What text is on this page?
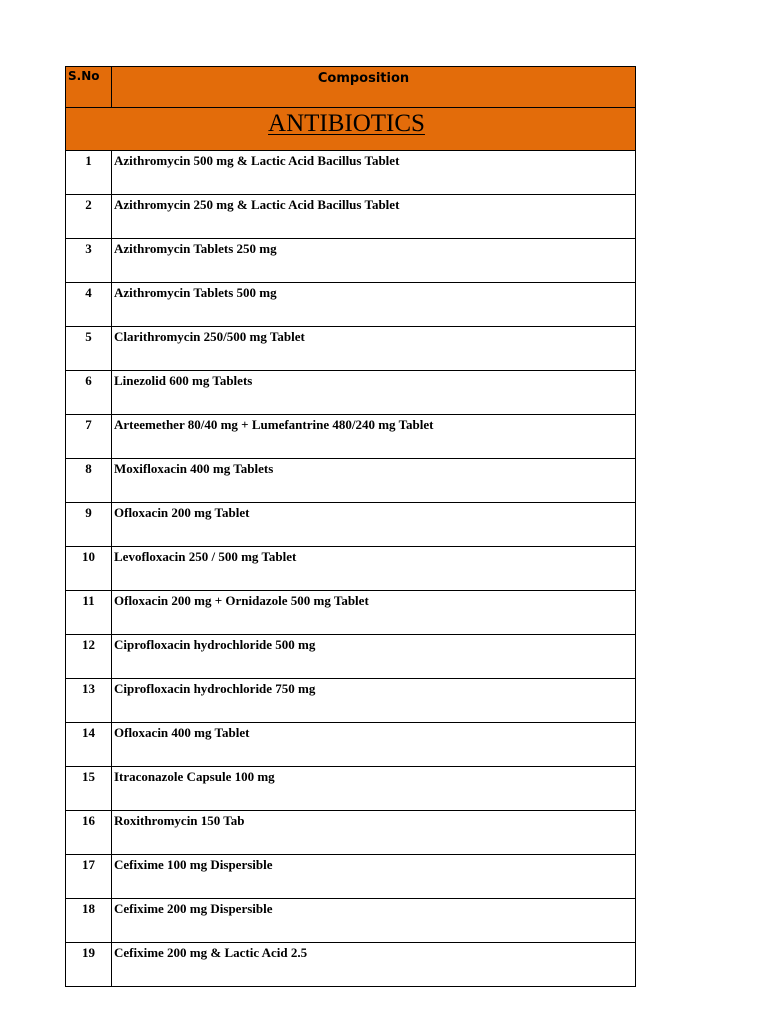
S.No	Composition
ANTIBIOTICS
1	Azithromycin 500 mg & Lactic Acid Bacillus Tablet
2	Azithromycin 250 mg & Lactic Acid Bacillus Tablet
3	Azithromycin Tablets 250 mg
4	Azithromycin Tablets 500 mg
5	Clarithromycin 250/500 mg Tablet
6	Linezolid 600 mg Tablets
7	Arteemether 80/40 mg + Lumefantrine 480/240 mg Tablet
8	Moxifloxacin 400 mg Tablets
9	Ofloxacin 200 mg Tablet
10	Levofloxacin 250 / 500 mg Tablet
11	Ofloxacin 200 mg + Ornidazole 500 mg Tablet
12	Ciprofloxacin hydrochloride 500 mg
13	Ciprofloxacin hydrochloride 750 mg
14	Ofloxacin 400 mg Tablet
15	Itraconazole Capsule 100 mg
16	Roxithromycin 150 Tab
17	Cefixime 100 mg Dispersible
18	Cefixime 200 mg Dispersible
19	Cefixime 200 mg & Lactic Acid 2.5
